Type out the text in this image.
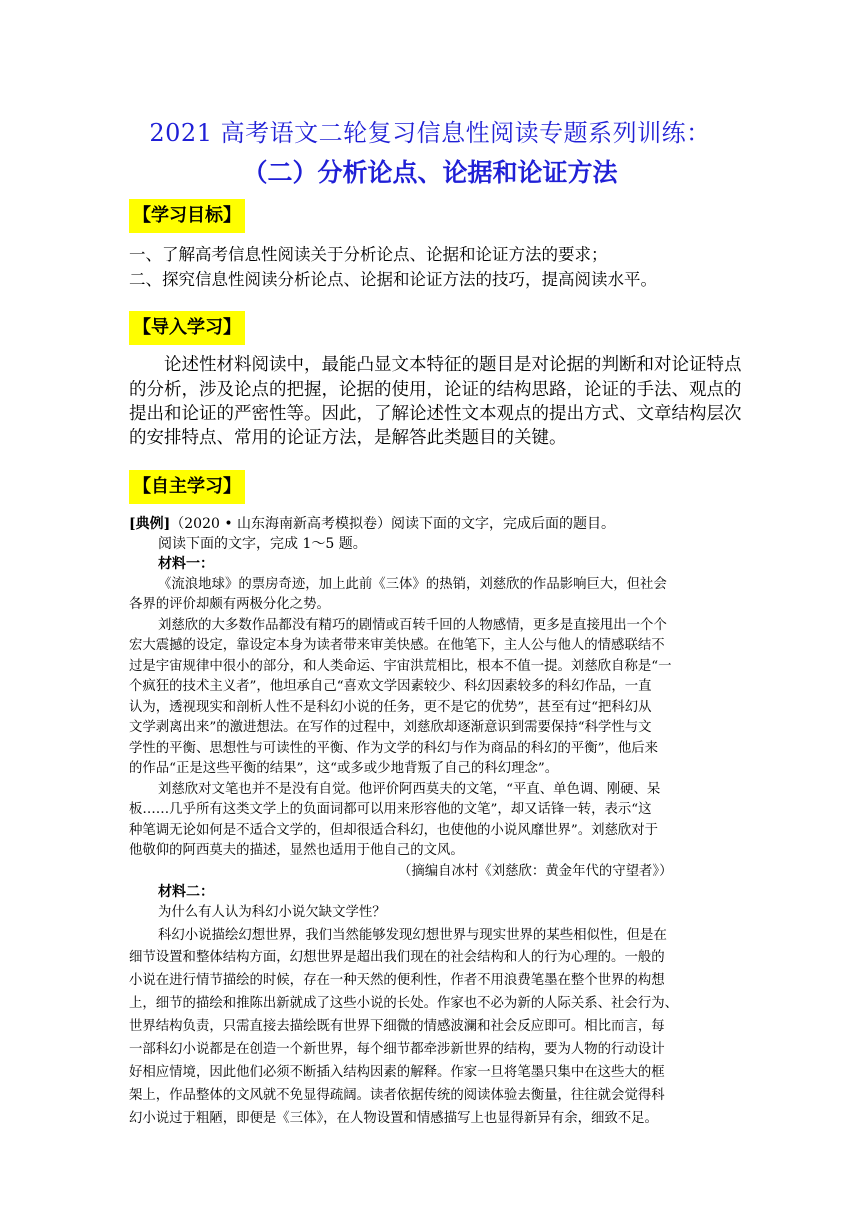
2021 高考语文二轮复习信息性阅读专题系列训练：
（二）分析论点、论据和论证方法
【学习目标】
一、了解高考信息性阅读关于分析论点、论据和论证方法的要求；
二、探究信息性阅读分析论点、论据和论证方法的技巧，提高阅读水平。
【导入学习】
论述性材料阅读中，最能凸显文本特征的题目是对论据的判断和对论证特点
的分析，涉及论点的把握，论据的使用，论证的结构思路，论证的手法、观点的
提出和论证的严密性等。因此，了解论述性文本观点的提出方式、文章结构层次
的安排特点、常用的论证方法，是解答此类题目的关键。
【自主学习】
[典例]（2020 • 山东海南新高考模拟卷）阅读下面的文字，完成后面的题目。
阅读下面的文字，完成 1～5 题。
材料一：
《流浪地球》的票房奇迹，加上此前《三体》的热销，刘慈欣的作品影响巨大，但社会
各界的评价却颇有两极分化之势。
刘慈欣的大多数作品都没有精巧的剧情或百转千回的人物感情，更多是直接甩出一个个
宏大震撼的设定，靠设定本身为读者带来审美快感。在他笔下，主人公与他人的情感联结不
过是宇宙规律中很小的部分，和人类命运、宇宙洪荒相比，根本不值一提。刘慈欣自称是“一
个疯狂的技术主义者”，他坦承自己“喜欢文学因素较少、科幻因素较多的科幻作品，一直
认为，透视现实和剖析人性不是科幻小说的任务，更不是它的优势”，甚至有过“把科幻从
文学剥离出来”的激进想法。在写作的过程中，刘慈欣却逐渐意识到需要保持“科学性与文
学性的平衡、思想性与可读性的平衡、作为文学的科幻与作为商品的科幻的平衡”，他后来
的作品“正是这些平衡的结果”，这“或多或少地背叛了自己的科幻理念”。
刘慈欣对文笔也并不是没有自觉。他评价阿西莫夫的文笔，“平直、单色调、刚硬、呆
板……几乎所有这类文学上的负面词都可以用来形容他的文笔”，却又话锋一转，表示“这
种笔调无论如何是不适合文学的，但却很适合科幻，也使他的小说风靡世界”。刘慈欣对于
他敬仰的阿西莫夫的描述，显然也适用于他自己的文风。
（摘编自冰村《刘慈欣：黄金年代的守望者》）
材料二：
为什么有人认为科幻小说欠缺文学性？
科幻小说描绘幻想世界，我们当然能够发现幻想世界与现实世界的某些相似性，但是在
细节设置和整体结构方面，幻想世界是超出我们现在的社会结构和人的行为心理的。一般的
小说在进行情节描绘的时候，存在一种天然的便利性，作者不用浪费笔墨在整个世界的构想
上，细节的描绘和推陈出新就成了这些小说的长处。作家也不必为新的人际关系、社会行为、
世界结构负责，只需直接去描绘既有世界下细微的情感波澜和社会反应即可。相比而言，每
一部科幻小说都是在创造一个新世界，每个细节都牵涉新世界的结构，要为人物的行动设计
好相应情境，因此他们必须不断插入结构因素的解释。作家一旦将笔墨只集中在这些大的框
架上，作品整体的文风就不免显得疏阔。读者依据传统的阅读体验去衡量，往往就会觉得科
幻小说过于粗陋，即便是《三体》，在人物设置和情感描写上也显得新异有余，细致不足。
